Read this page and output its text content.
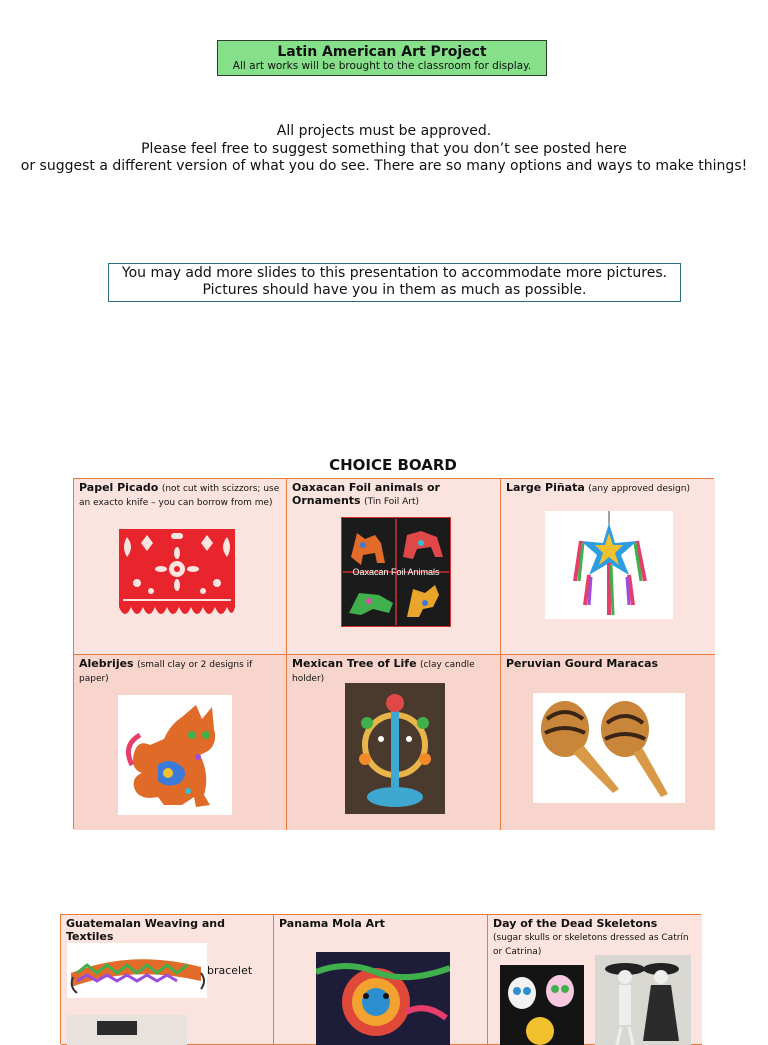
Latin American Art Project
All art works will be brought to the classroom for display.
All projects must be approved.
Please feel free to suggest something that you don’t see posted here
or suggest a different version of what you do see. There are so many options and ways to make things!
You may add more slides to this presentation to accommodate more pictures.
Pictures should have you in them as much as possible.
CHOICE BOARD
Papel Picado (not cut with scizzors; use an exacto knife – you can borrow from me)
Oaxacan Foil animals or Ornaments (Tin Foil Art)
Oaxacan Foil Animals
Large Piñata (any approved design)
Alebrijes (small clay or 2 designs if paper)
Mexican Tree of Life (clay candle holder)
Peruvian Gourd Maracas
Guatemalan Weaving and Textiles
bracelet
Panama Mola Art	Day of the Dead Skeletons
(sugar skulls or skeletons dressed as Catrín or Catrina)
